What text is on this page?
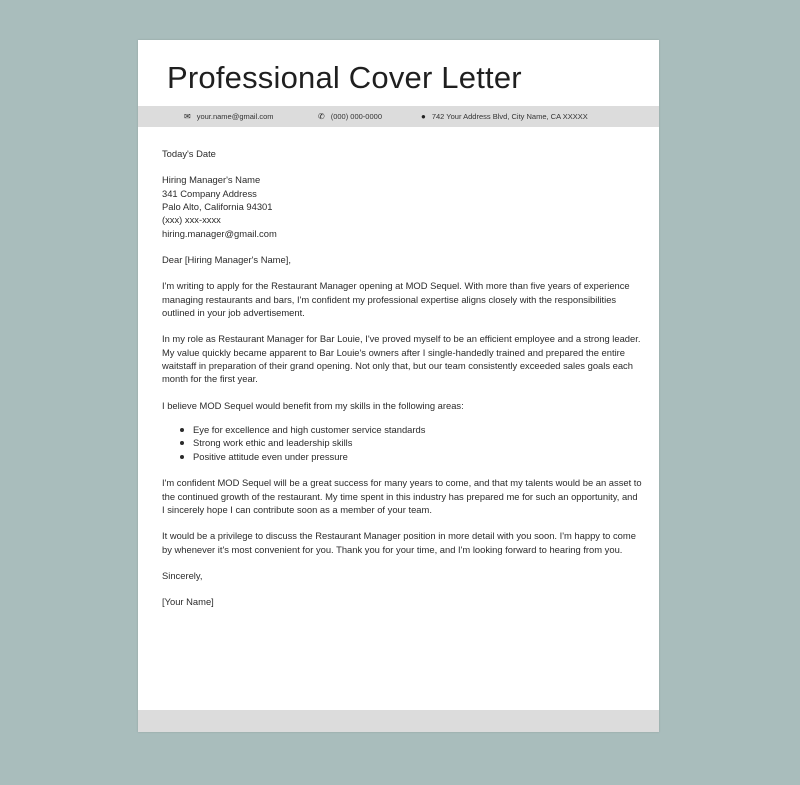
Professional Cover Letter
✉ your.name@gmail.com	✆ (000) 000-0000	● 742 Your Address Blvd, City Name, CA XXXXX

Today's Date

Hiring Manager's Name
341 Company Address
Palo Alto, California 94301
(xxx) xxx-xxxx
hiring.manager@gmail.com

Dear [Hiring Manager's Name],

I'm writing to apply for the Restaurant Manager opening at MOD Sequel. With more than five years of experience managing restaurants and bars, I'm confident my professional expertise aligns closely with the responsibilities outlined in your job advertisement.

In my role as Restaurant Manager for Bar Louie, I've proved myself to be an efficient employee and a strong leader. My value quickly became apparent to Bar Louie's owners after I single-handedly trained and prepared the entire waitstaff in preparation of their grand opening. Not only that, but our team consistently exceeded sales goals each month for the first year.

I believe MOD Sequel would benefit from my skills in the following areas:

Eye for excellence and high customer service standards
Strong work ethic and leadership skills
Positive attitude even under pressure

I'm confident MOD Sequel will be a great success for many years to come, and that my talents would be an asset to the continued growth of the restaurant. My time spent in this industry has prepared me for such an opportunity, and I sincerely hope I can contribute soon as a member of your team.

It would be a privilege to discuss the Restaurant Manager position in more detail with you soon. I'm happy to come by whenever it's most convenient for you. Thank you for your time, and I'm looking forward to hearing from you.

Sincerely,

[Your Name]
